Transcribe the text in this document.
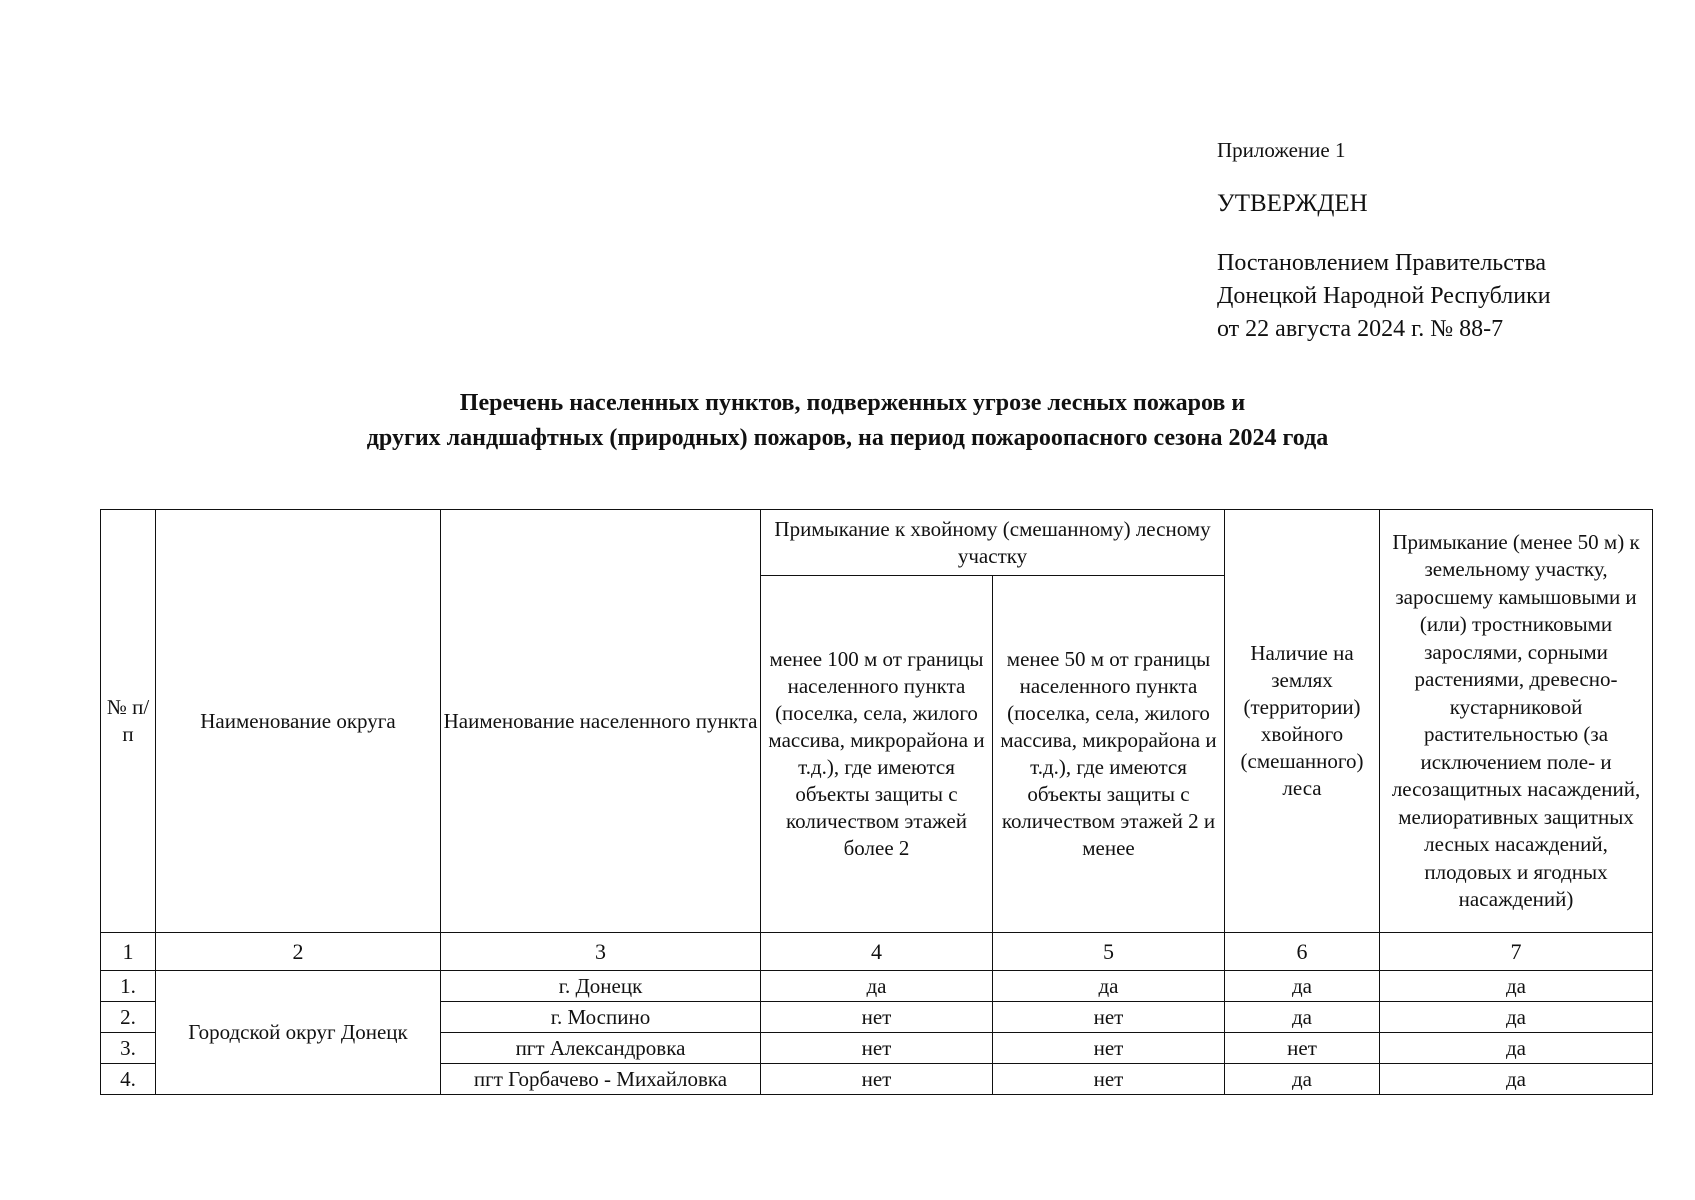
Приложение 1
УТВЕРЖДЕН
Постановлением Правительства
Донецкой Народной Республики
от 22 августа 2024 г. № 88-7
Перечень населенных пунктов, подверженных угрозе лесных пожаров и
других ландшафтных (природных) пожаров, на период пожароопасного сезона 2024 года
№ п/п	Наименование округа	Наименование населенного пункта	Примыкание к хвойному (смешанному) лесному участку		Наличие на землях (территории) хвойного (смешанного) леса	Примыкание (менее 50 м) к земельному участку, заросшему камышовыми и (или) тростниковыми зарослями, сорными растениями, древесно-кустарниковой растительностью (за исключением поле- и лесозащитных насаждений, мелиоративных защитных лесных насаждений, плодовых и ягодных насаждений)
			менее 100 м от границы населенного пункта (поселка, села, жилого массива, микрорайона и т.д.), где имеются объекты защиты с количеством этажей более 2	менее 50 м от границы населенного пункта (поселка, села, жилого массива, микрорайона и т.д.), где имеются объекты защиты с количеством этажей 2 и менее		
1	2	3	4	5	6	7
1.	Городской округ Донецк	г. Донецк	да	да	да	да
2.		г. Моспино	нет	нет	да	да
3.		пгт Александровка	нет	нет	нет	да
4.		пгт Горбачево - Михайловка	нет	нет	да	да
